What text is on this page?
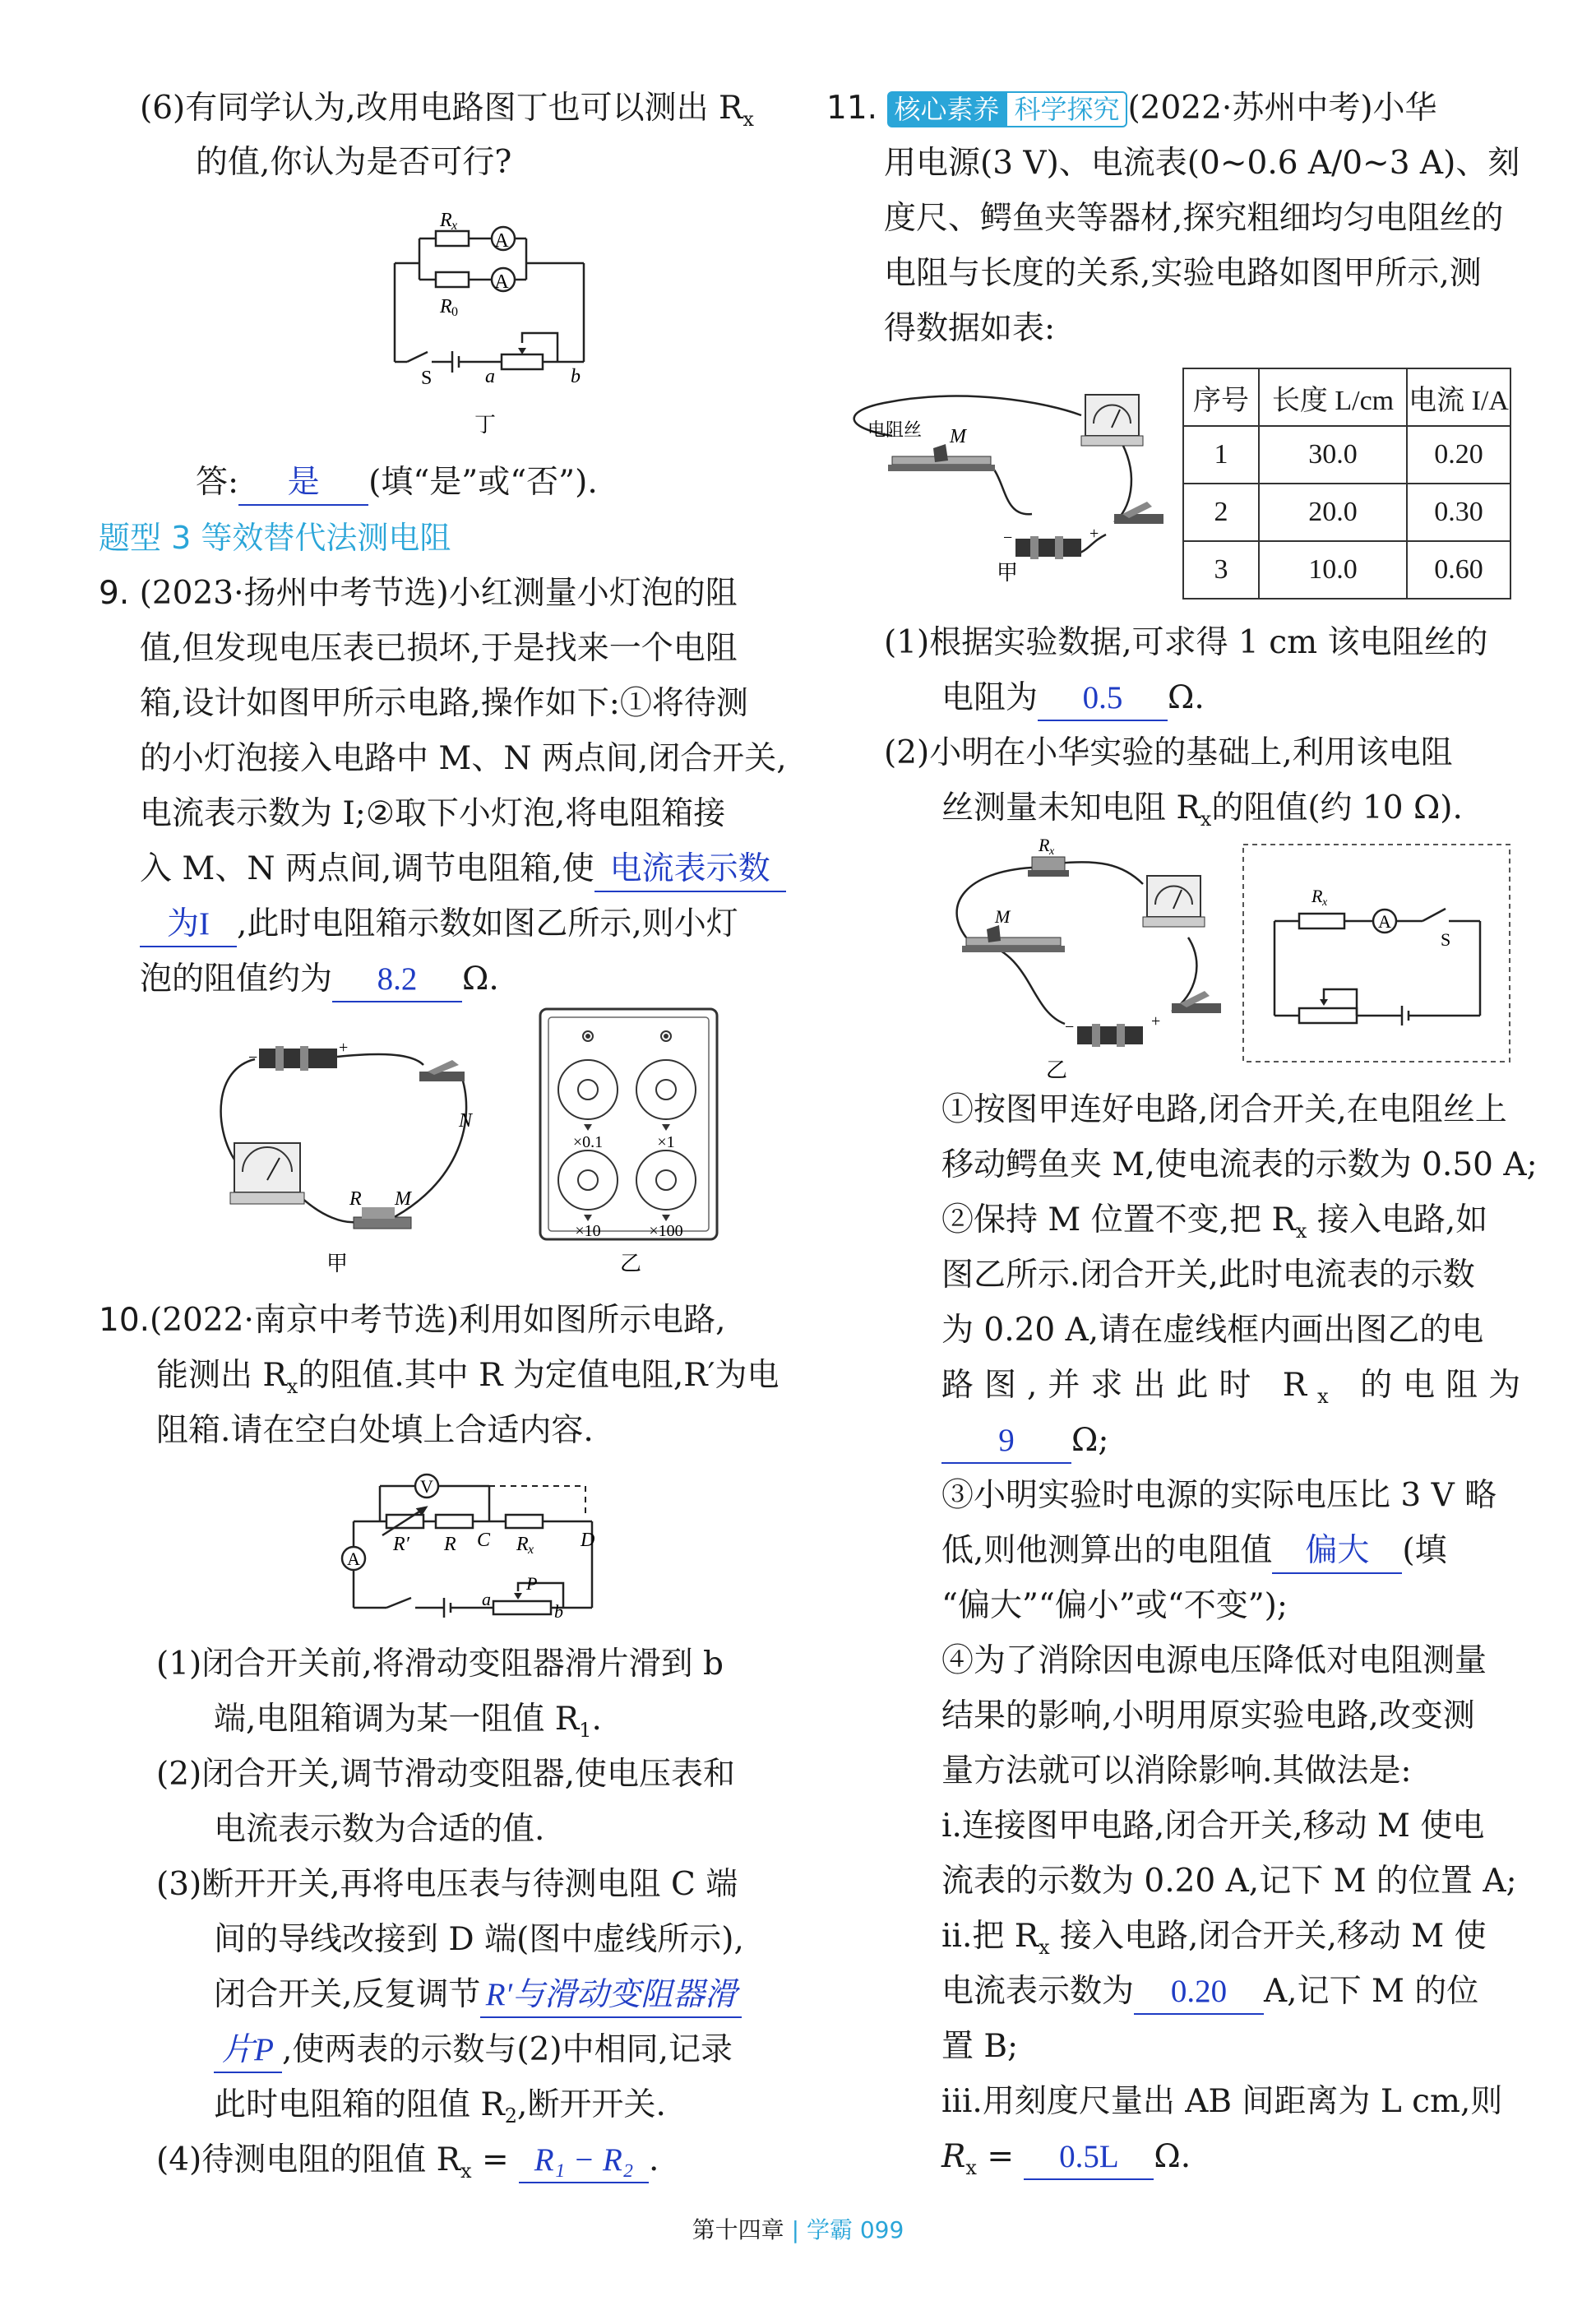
(6)有同学认为,改用电路图丁也可以测出 $R_x$
的值,你认为是否可行?
A
A
R x
R 0
S	a	b
丁
答: 是 (填“是”或“否”).
题型 3 等效替代法测电阻
9. (2023·扬州中考节选)小红测量小灯泡的阻
值,但发现电压表已损坏,于是找来一个电阻
箱,设计如图甲所示电路,操作如下:①将待测
的小灯泡接入电路中 M、N 两点间,闭合开关,
电流表示数为 I;②取下小灯泡,将电阻箱接
入 M、N 两点间,调节电阻箱,使 电流表示数
为I ,此时电阻箱示数如图乙所示,则小灯
泡的阻值约为 8.2 Ω.
−
+
N
R M
甲
×0.1	×1
×10	×100
乙
10.(2022·南京中考节选)利用如图所示电路,
能测出 $R_x$的阻值.其中 R 为定值电阻,R′为电
阻箱.请在空白处填上合适内容.
V
A
R′ R C R x D
a
P
b
(1)闭合开关前,将滑动变阻器滑片滑到 b
端,电阻箱调为某一阻值 $R_1$.
(2)闭合开关,调节滑动变阻器,使电压表和
电流表示数为合适的值.
(3)断开开关,再将电压表与待测电阻 C 端
间的导线改接到 D 端(图中虚线所示),
闭合开关,反复调节 R′与滑动变阻器滑
片P ,使两表的示数与(2)中相同,记录
此时电阻箱的阻值 $R_2$,断开开关.
(4)待测电阻的阻值 $R_x = R_1 - R_2$ .
11. 核心素养 科学探究 (2022·苏州中考)小华
用电源(3 V)、电流表(0~0.6 A/0~3 A)、刻
度尺、鳄鱼夹等器材,探究粗细均匀电阻丝的
电阻与长度的关系,实验电路如图甲所示,测
得数据如表:
−	+
电阻丝 M
甲
序号	长度 L/cm	电流 I/A
1	30.0	0.20
2	20.0	0.30
3	10.0	0.60
(1)根据实验数据,可求得 1 cm 该电阻丝的
电阻为 0.5 Ω.
(2)小明在小华实验的基础上,利用该电阻
丝测量未知电阻 $R_x$的阻值(约 10 Ω).
−	+
R x
M
乙
A
R x
S
①按图甲连好电路,闭合开关,在电阻丝上
移动鳄鱼夹 M,使电流表的示数为 0.50 A;
②保持 M 位置不变,把 $R_x$ 接入电路,如
图乙所示.闭合开关,此时电流表的示数
为 0.20 A,请在虚线框内画出图乙的电
路图,并求出此时 $R_x$ 的电阻为
9 Ω;
③小明实验时电源的实际电压比 3 V 略
低,则他测算出的电阻值 偏大 (填
“偏大”“偏小”或“不变”);
④为了消除因电源电压降低对电阻测量
结果的影响,小明用原实验电路,改变测
量方法就可以消除影响.其做法是:
ⅰ.连接图甲电路,闭合开关,移动 M 使电
流表的示数为 0.20 A,记下 M 的位置 A;
ⅱ.把 $R_x$ 接入电路,闭合开关,移动 M 使
电流表示数为 0.20 A,记下 M 的位
置 B;
ⅲ.用刻度尺量出 AB 间距离为 L cm,则
$R_x = 0.5L$ Ω.
第十四章 | 学霸 099
